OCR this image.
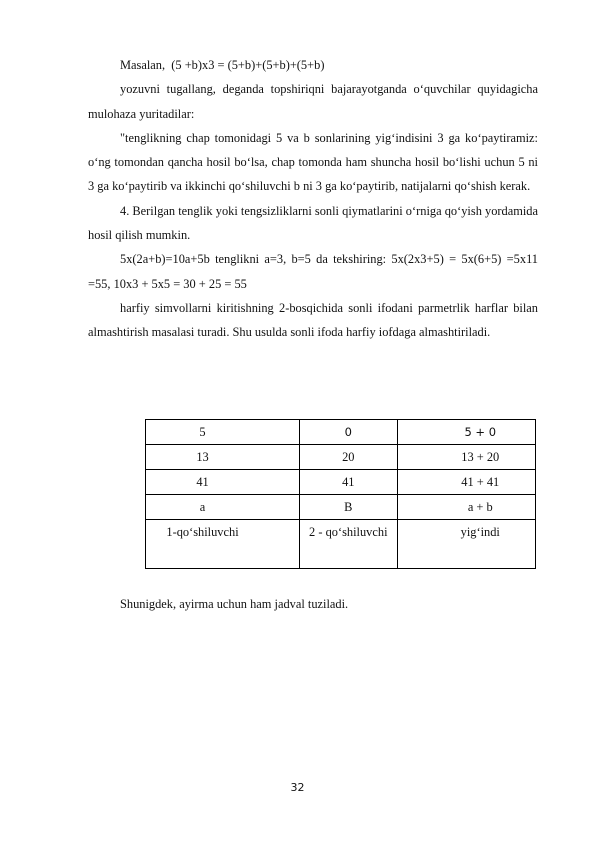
Masalan,  (5 +b)x3 = (5+b)+(5+b)+(5+b)

yozuvni tugallang, deganda topshiriqni bajarayotganda o‘quvchilar quyidagicha mulohaza yuritadilar:

"tenglikning chap tomonidagi 5 va b sonlarining yig‘indisini 3 ga ko‘paytiramiz: o‘ng tomondan qancha hosil bo‘lsa, chap tomonda ham shuncha hosil bo‘lishi uchun 5 ni 3 ga ko‘paytirib va ikkinchi qo‘shiluvchi b ni 3 ga ko‘paytirib, natijalarni qo‘shish kerak.

4. Berilgan tenglik yoki tengsizliklarni sonli qiymatlarini o‘rniga qo‘yish yordamida hosil qilish mumkin.

5x(2a+b)=10a+5b tenglikni a=3, b=5 da tekshiring: 5x(2x3+5) = 5x(6+5) =5x11 =55, 10x3 + 5x5 = 30 + 25 = 55

harfiy simvollarni kiritishning 2-bosqichida sonli ifodani parmetrlik harflar bilan almashtirish masalasi turadi. Shu usulda sonli ifoda harfiy iofdaga almashtiriladi.

5	0	5 + 0
13	20	13 + 20
41	41	41 + 41
a	B	a + b
1-qo‘shiluvchi	2 - qo‘shiluvchi	yig‘indi

Shunigdek, ayirma uchun ham jadval tuziladi.

32
